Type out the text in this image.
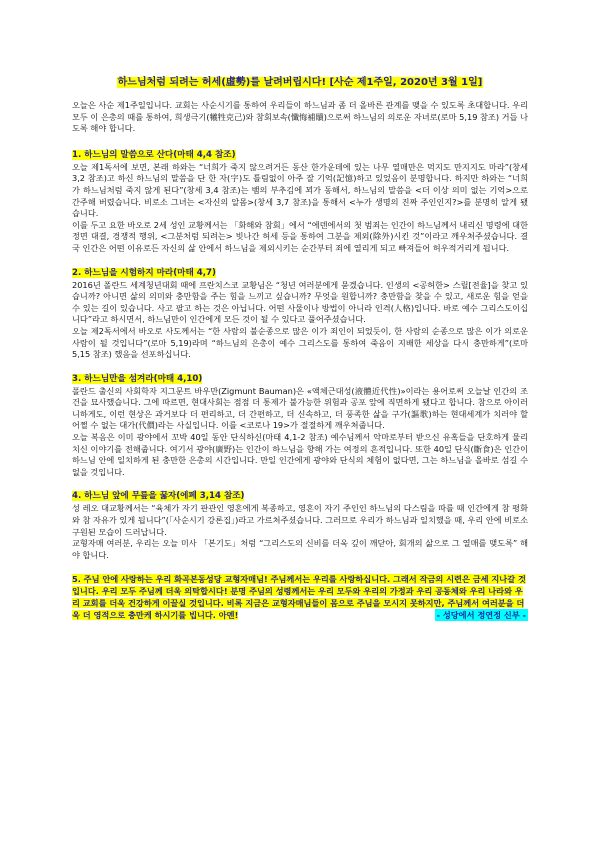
하느님처럼 되려는 허세(虛勢)를 날려버립시다! [사순 제1주일, 2020년 3월 1일]

오늘은 사순 제1주일입니다. 교회는 사순시기를 통하여 우리들이 하느님과 좀 더 올바른 관계를 맺을 수 있도록 초대합니다. 우리 모두 이 은총의 때를 통하여, 희생극기(犧牲克己)와 참회보속(懺悔補贖)으로써 하느님의 의로운 자녀로(로마 5,19 참조) 거듭 나도록 해야 합니다.

1. 하느님의 말씀으로 산다(마태 4,4 참조)

오늘 제1독서에 보면, 본래 하와는 “너희가 죽지 않으려거든 동산 한가운데에 있는 나무 열매만은 먹지도 만지지도 마라”(창세 3,2 참조)고 하신 하느님의 말씀을 단 한 자(字)도 틀림없이 아주 잘 기억(記憶)하고 있었음이 분명합니다. 하지만 하와는 “너희가 하느님처럼 죽지 않게 된다”(창세 3,4 참조)는 뱀의 부추김에 꾀가 동해서, 하느님의 말씀을 <더 이상 의미 없는 기억>으로 간주해 버렸습니다. 비로소 그녀는 <자신의 알몸>(창세 3,7 참조)을 통해서 <누가 생명의 진짜 주인인지?>를 분명히 알게 됐습니다.

이를 두고 요한 바오로 2세 성인 교황께서는 「화해와 참회」에서 “에덴에서의 첫 범죄는 인간이 하느님께서 내리신 명령에 대한 정면 대결, 경쟁적 행위, <그분처럼 되려는> 빗나간 허세 등을 통하여 그분을 제외(除外)시킨 것”이라고 깨우쳐주셨습니다. 결국 인간은 어떤 이유로든 자신의 삶 안에서 하느님을 제외시키는 순간부터 죄에 열리게 되고 빠져들어 허우적거리게 됩니다.

2. 하느님을 시험하지 마라(마태 4,7)

2016년 폴란드 세계청년대회 때에 프란치스코 교황님은 “청년 여러분에게 묻겠습니다. 인생의 <공허한> 스릴[전율]을 찾고 있습니까? 아니면 삶의 의미와 충만함을 주는 힘을 느끼고 싶습니까? 무엇을 원합니까? 충만함을 찾을 수 있고, 새로운 힘을 얻을 수 있는 길이 있습니다. 사고 팔고 하는 것은 아닙니다. 어떤 사물이나 방법이 아니라 인격(人格)입니다. 바로 예수 그리스도이십니다”라고 하시면서, 하느님만이 인간에게 모든 것이 될 수 있다고 풀어주셨습니다.

오늘 제2독서에서 바오로 사도께서는 “한 사람의 불순종으로 많은 이가 죄인이 되었듯이, 한 사람의 순종으로 많은 이가 의로운 사람이 될 것입니다”(로마 5,19)라며 “하느님의 은총이 예수 그리스도를 통하여 죽음이 지배한 세상을 다시 충만하게”(로마 5,15 참조) 했음을 선포하십니다.

3. 하느님만을 섬겨라(마태 4,10)

폴란드 출신의 사회학자 지그문트 바우만(Zigmunt Bauman)은 «액체근대성(液體近代性)»이라는 용어로써 오늘날 인간의 조건을 묘사했습니다. 그에 따르면, 현대사회는 점점 더 통제가 불가능한 위험과 공포 앞에 직면하게 됐다고 합니다. 참으로 아이러니하게도, 이런 현상은 과거보다 더 편리하고, 더 간편하고, 더 신속하고, 더 풍족한 삶을 구가(謳歌)하는 현대세계가 치러야 할 어쩔 수 없는 대가(代價)라는 사실입니다. 이를 <코로나 19>가 절절하게 깨우쳐줍니다.

오늘 복음은 이미 광야에서 꼬박 40일 동안 단식하신(마태 4,1-2 참조) 예수님께서 악마로부터 받으신 유혹들을 단호하게 물리치신 이야기를 전해줍니다. 여기서 광야(廣野)는 인간이 하느님을 향해 가는 여정의 흔적입니다. 또한 40일 단식(斷食)은 인간이 하느님 안에 일치하게 된 충만한 은총의 시간입니다. 만일 인간에게 광야와 단식의 체험이 없다면, 그는 하느님을 올바로 섬길 수 없을 것입니다.

4. 하느님 앞에 무릎을 꿇자(에페 3,14 참조)

성 레오 대교황께서는 “육체가 자기 판관인 영혼에게 복종하고, 영혼이 자기 주인인 하느님의 다스림을 따를 때 인간에게 참 평화와 참 자유가 있게 됩니다”(「사순시기 강론집」)라고 가르쳐주셨습니다. 그러므로 우리가 하느님과 일치했을 때, 우리 안에 비로소 구원된 모습이 드러납니다.

교형자매 여러분, 우리는 오늘 미사 「본기도」처럼 “그리스도의 신비를 더욱 깊이 깨닫아, 회개의 삶으로 그 열매를 맺도록” 해야 합니다.

5. 주님 안에 사랑하는 우리 화곡본동성당 교형자매님! 주님께서는 우리를 사랑하십니다. 그래서 작금의 시련은 금세 지나갈 것입니다. 우리 모두 주님께 더욱 의탁합시다! 분명 주님의 성령께서는 우리 모두와 우리의 가정과 우리 공동체와 우리 나라와 우리 교회를 더욱 건강하게 이끌실 것입니다. 비록 지금은 교형자매님들이 몸으로 주님을 모시지 못하지만, 주님께서 여러분을 더욱 더 영적으로 충만케 하시기를 빕니다. 아멘!	- 성당에서 정연정 신부 -
